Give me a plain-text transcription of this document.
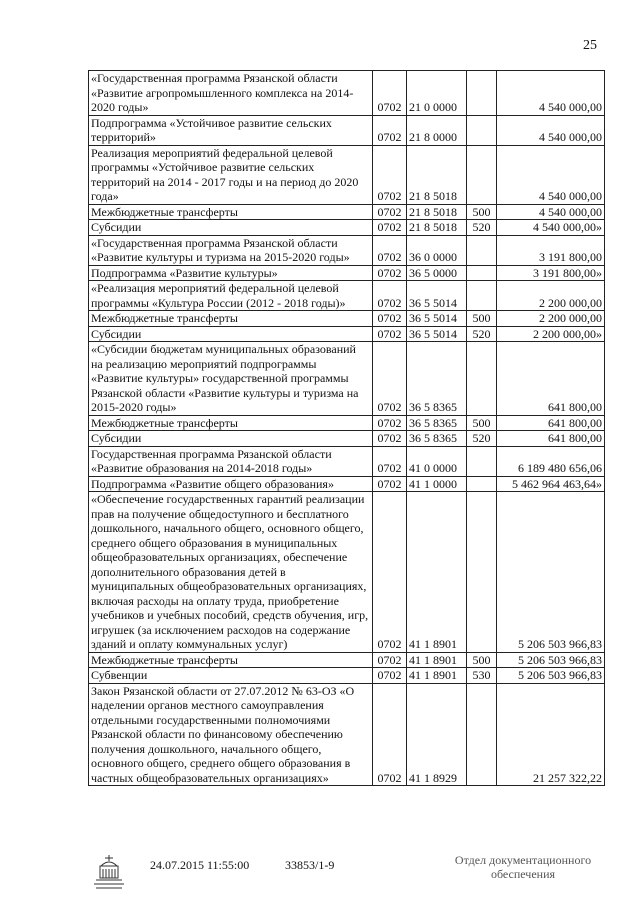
25
«Государственная программа Рязанской области «Развитие агропромышленного комплекса на 2014-2020 годы»	0702	21 0 0000		4 540 000,00
Подпрограмма «Устойчивое развитие сельских территорий»	0702	21 8 0000		4 540 000,00
Реализация мероприятий федеральной целевой программы «Устойчивое развитие сельских территорий на 2014 - 2017 годы и на период до 2020 года»	0702	21 8 5018		4 540 000,00
Межбюджетные трансферты	0702	21 8 5018	500	4 540 000,00
Субсидии	0702	21 8 5018	520	4 540 000,00»
«Государственная программа Рязанской области «Развитие культуры и туризма на 2015-2020 годы»	0702	36 0 0000		3 191 800,00
Подпрограмма «Развитие культуры»	0702	36 5 0000		3 191 800,00»
«Реализация мероприятий федеральной целевой программы «Культура России (2012 - 2018 годы)»	0702	36 5 5014		2 200 000,00
Межбюджетные трансферты	0702	36 5 5014	500	2 200 000,00
Субсидии	0702	36 5 5014	520	2 200 000,00»
«Субсидии бюджетам муниципальных образований на реализацию мероприятий подпрограммы «Развитие культуры» государственной программы Рязанской области «Развитие культуры и туризма на 2015-2020 годы»	0702	36 5 8365		641 800,00
Межбюджетные трансферты	0702	36 5 8365	500	641 800,00
Субсидии	0702	36 5 8365	520	641 800,00
Государственная программа Рязанской области «Развитие образования на 2014-2018 годы»	0702	41 0 0000		6 189 480 656,06
Подпрограмма «Развитие общего образования»	0702	41 1 0000		5 462 964 463,64»
«Обеспечение государственных гарантий реализации прав на получение общедоступного и бесплатного дошкольного, начального общего, основного общего, среднего общего образования в муниципальных общеобразовательных организациях, обеспечение дополнительного образования детей в муниципальных общеобразовательных организациях, включая расходы на оплату труда, приобретение учебников и учебных пособий, средств обучения, игр, игрушек (за исключением расходов на содержание зданий и оплату коммунальных услуг)	0702	41 1 8901		5 206 503 966,83
Межбюджетные трансферты	0702	41 1 8901	500	5 206 503 966,83
Субвенции	0702	41 1 8901	530	5 206 503 966,83
Закон Рязанской области от 27.07.2012 № 63-ОЗ «О наделении органов местного самоуправления отдельными государственными полномочиями Рязанской области по финансовому обеспечению получения дошкольного, начального общего, основного общего, среднего общего образования в частных общеобразовательных организациях»	0702	41 1 8929		21 257 322,22
24.07.2015 11:55:00	33853/1-9	Отдел документационного обеспечения
